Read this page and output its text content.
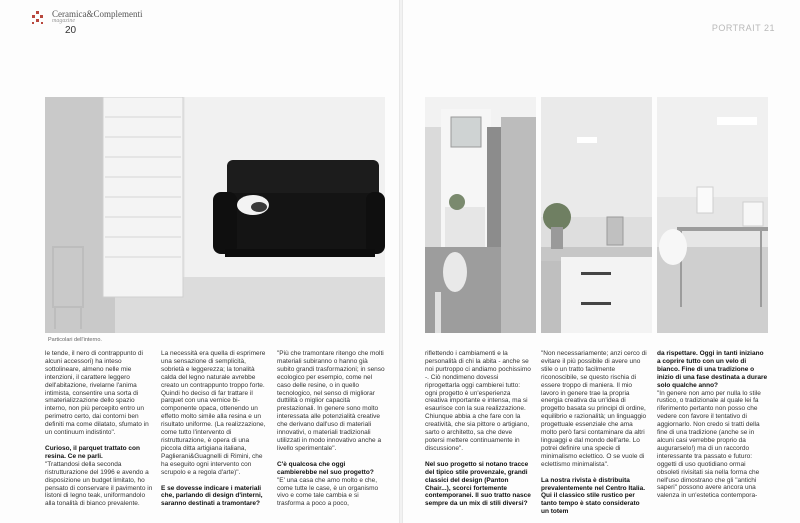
Ceramica&Complementi
magazine
20	PORTRAIT 21
Particolari dell'interno.

le tende, il nero di contrappunto di alcuni accessori) ha inteso sottolineare, almeno nelle mie intenzioni, il carattere leggero dell'abitazione, rivelarne l'anima intimista, consentire una sorta di smaterializzazione dello spazio interno, non più percepito entro un perimetro certo, dai contorni ben definiti ma come dilatato, sfumato in un continuum indistinto".

Curioso, il parquet trattato con resina. Ce ne parli.

"Trattandosi della seconda ristrutturazione del 1996 e avendo a disposizione un budget limitato, ho pensato di conservare il pavimento in listoni di legno teak, uniformandolo alla tonalità di bianco prevalente.

La necessità era quella di esprimere una sensazione di semplicità, sobrietà e leggerezza; la tonalità calda del legno naturale avrebbe creato un contrappunto troppo forte. Quindi ho deciso di far trattare il parquet con una vernice bi-componente opaca, ottenendo un effetto molto simile alla resina e un risultato uniforme. (La realizzazione, come tutto l'intervento di ristrutturazione, è opera di una piccola ditta artigiana italiana, Paglierani&Guagnelli di Rimini, che ha eseguito ogni intervento con scrupolo e a regola d'arte)".

E se dovesse indicare i materiali che, parlando di design d'interni, saranno destinati a tramontare?

"Più che tramontare ritengo che molti materiali subiranno o hanno già subito grandi trasformazioni; in senso ecologico per esempio, come nel caso delle resine, o in quello tecnologico, nel senso di migliorar duttilità o miglior capacità prestazionali. In genere sono molto interessata alle potenzialità creative che derivano dall'uso di materiali innovativi, o materiali tradizionali utilizzati in modo innovativo anche a livello sperimentale".

C'è qualcosa che oggi cambierebbe nel suo progetto?

"E' una casa che amo molto e che, come tutte le case, è un organismo vivo e come tale cambia e si trasforma a poco a poco,

riflettendo i cambiamenti e la personalità di chi la abita - anche se noi purtroppo ci andiamo pochissimo -. Ciò nondimeno dovessi riprogettarla oggi cambierei tutto: ogni progetto è un'esperienza creativa importante e intensa, ma si esaurisce con la sua realizzazione. Chiunque abbia a che fare con la creatività, che sia pittore o artigiano, sarto o architetto, sa che deve potersi mettere continuamente in discussione".

Nel suo progetto si notano tracce del tipico stile provenzale, grandi classici del design (Panton Chair...), scorci fortemente contemporanei. Il suo tratto nasce sempre da un mix di stili diversi?

"Non necessariamente; anzi cerco di evitare il più possibile di avere uno stile o un tratto facilmente riconoscibile, se questo rischia di essere troppo di maniera. Il mio lavoro in genere trae la propria energia creativa da un'idea di progetto basata su principi di ordine, equilibrio e razionalità; un linguaggio progettuale essenziale che ama molto però farsi contaminare da altri linguaggi e dal mondo dell'arte. Lo potrei definire una specie di minimalismo eclettico. O se vuole di eclettismo minimalista".

La nostra rivista è distribuita prevalentemente nel Centro Italia. Qui il classico stile rustico per tanto tempo è stato considerato un totem

da rispettare. Oggi in tanti iniziano a coprire tutto con un velo di bianco. Fine di una tradizione o inizio di una fase destinata a durare solo qualche anno?

"In genere non amo per nulla lo stile rustico, o tradizionale al quale lei fa riferimento pertanto non posso che vedere con favore il tentativo di aggiornarlo. Non credo si tratti della fine di una tradizione (anche se in alcuni casi verrebbe proprio da augurarselo!) ma di un raccordo interessante tra passato e futuro: oggetti di uso quotidiano ormai obsoleti rivisitati sia nella forma che nell'uso dimostrano che gli "antichi saperi" possono avere ancora una valenza in un'estetica contempora-
